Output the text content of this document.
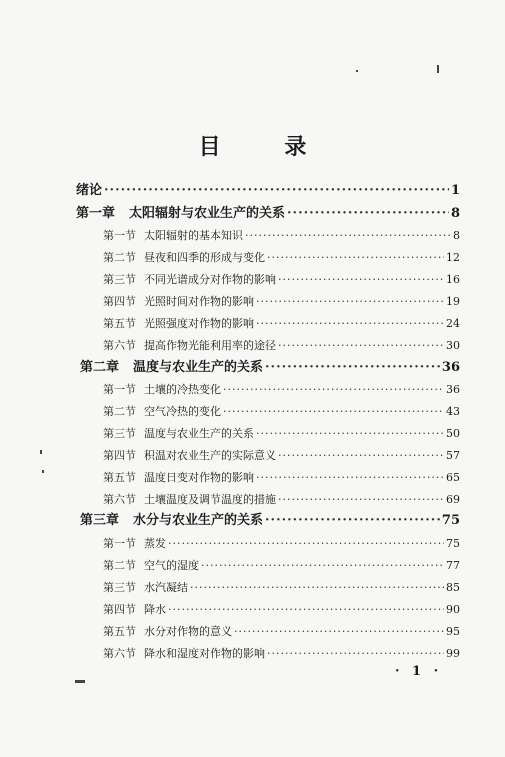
目 录
绪论 ·····	1
第一章 太阳辐射与农业生产的关系 ·····	8
第一节 太阳辐射的基本知识 ·····	8
第二节 昼夜和四季的形成与变化 ·····	12
第三节 不同光谱成分对作物的影响 ·····	16
第四节 光照时间对作物的影响 ·····	19
第五节 光照强度对作物的影响 ·····	24
第六节 提高作物光能利用率的途径 ·····	30
第二章 温度与农业生产的关系 ·····	36
第一节 土壤的冷热变化 ·····	36
第二节 空气冷热的变化 ·····	43
第三节 温度与农业生产的关系 ·····	50
第四节 积温对农业生产的实际意义 ·····	57
第五节 温度日变对作物的影响 ·····	65
第六节 土壤温度及调节温度的措施 ·····	69
第三章 水分与农业生产的关系 ·····	75
第一节 蒸发 ·····	75
第二节 空气的湿度 ·····	77
第三节 水汽凝结 ·····	85
第四节 降水 ·····	90
第五节 水分对作物的意义 ·····	95
第六节 降水和湿度对作物的影响 ·····	99
· 1 ·
